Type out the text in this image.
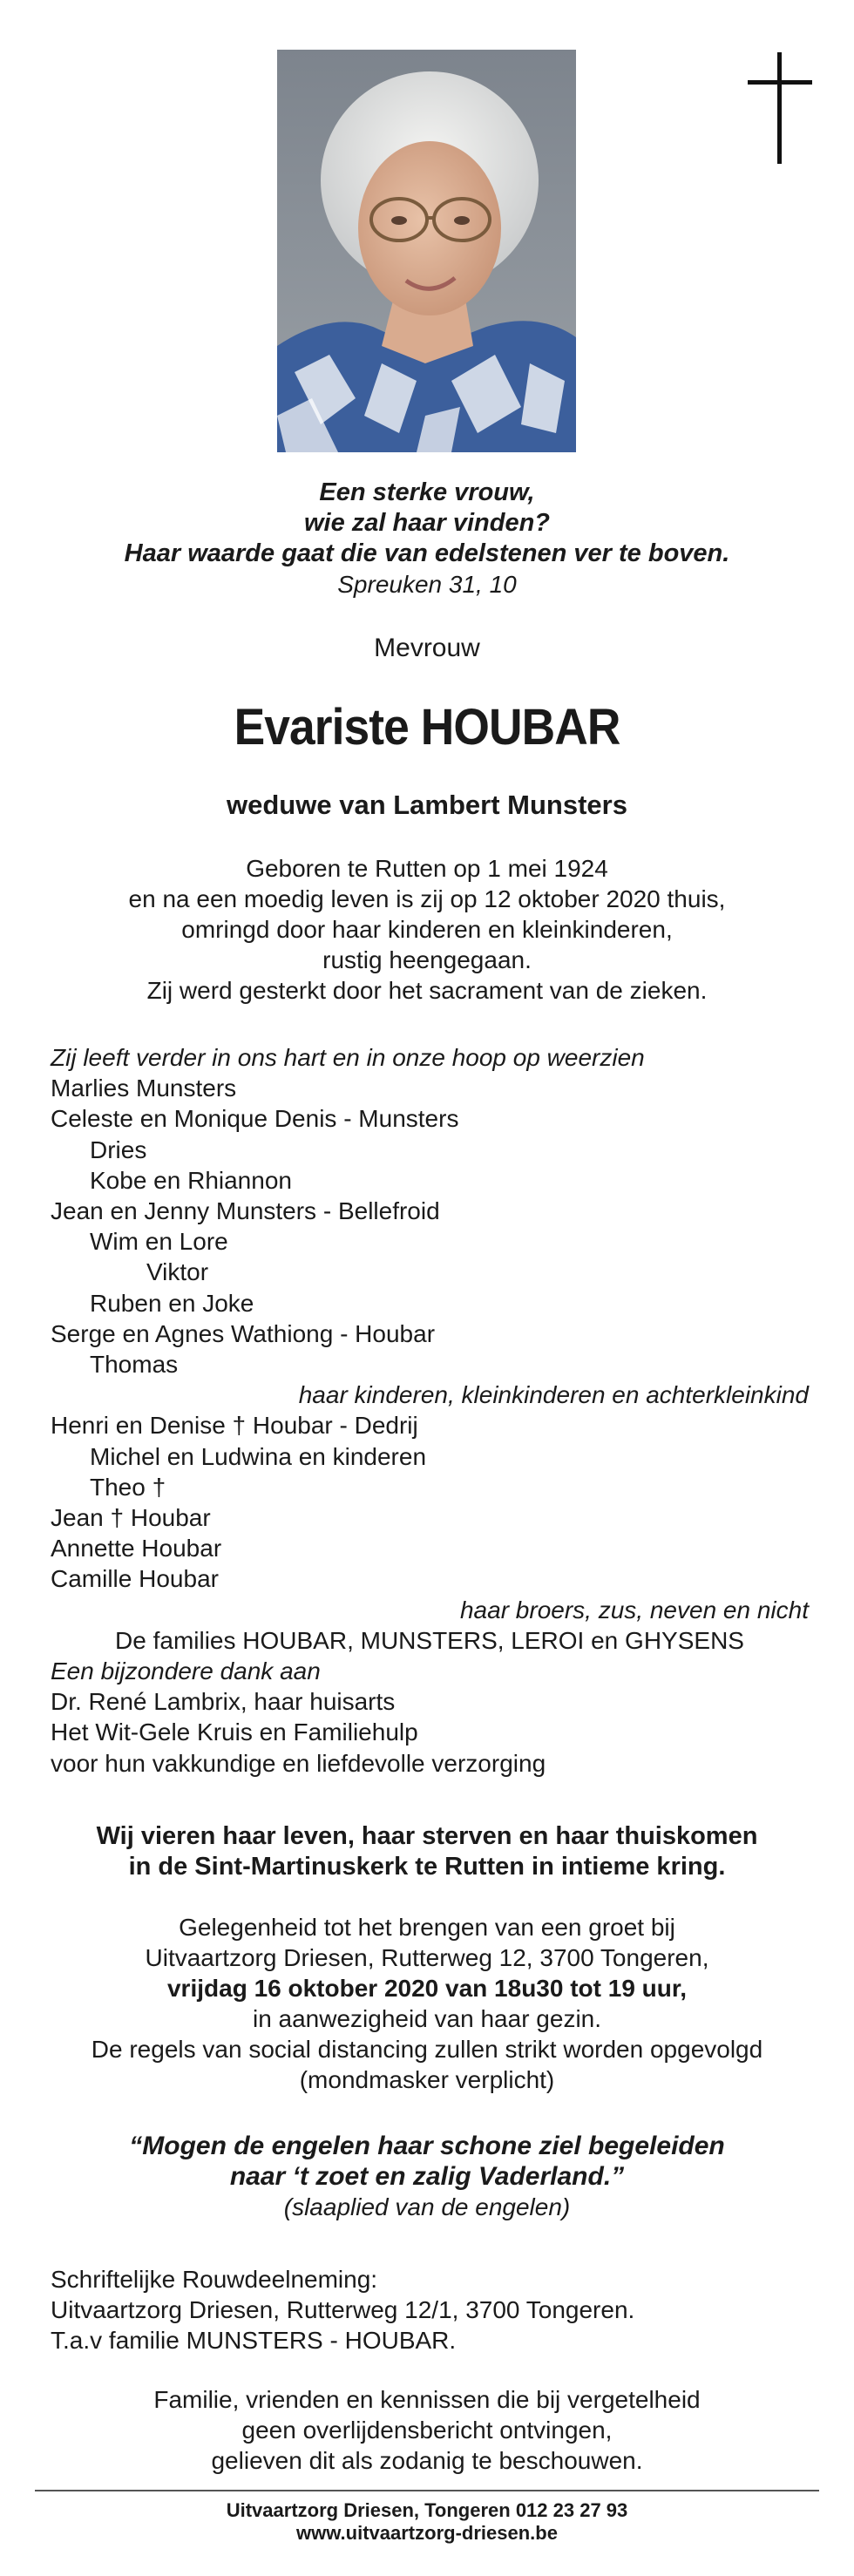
Een sterke vrouw,
wie zal haar vinden?
Haar waarde gaat die van edelstenen ver te boven.
Spreuken 31, 10
Mevrouw
Evariste HOUBAR
weduwe van Lambert Munsters
Geboren te Rutten op 1 mei 1924
en na een moedig leven is zij op 12 oktober 2020 thuis,
omringd door haar kinderen en kleinkinderen,
rustig heengegaan.
Zij werd gesterkt door het sacrament van de zieken.
Zij leeft verder in ons hart en in onze hoop op weerzien
Marlies Munsters
Celeste en Monique Denis - Munsters
Dries
Kobe en Rhiannon
Jean en Jenny Munsters - Bellefroid
Wim en Lore
Viktor
Ruben en Joke
Serge en Agnes Wathiong - Houbar
Thomas
haar kinderen, kleinkinderen en achterkleinkind
Henri en Denise † Houbar - Dedrij
Michel en Ludwina en kinderen
Theo †
Jean † Houbar
Annette Houbar
Camille Houbar
haar broers, zus, neven en nicht
De families HOUBAR, MUNSTERS, LEROI en GHYSENS
Een bijzondere dank aan
Dr. René Lambrix, haar huisarts
Het Wit-Gele Kruis en Familiehulp
voor hun vakkundige en liefdevolle verzorging
Wij vieren haar leven, haar sterven en haar thuiskomen
in de Sint-Martinuskerk te Rutten in intieme kring.
Gelegenheid tot het brengen van een groet bij
Uitvaartzorg Driesen, Rutterweg 12, 3700 Tongeren,
vrijdag 16 oktober 2020 van 18u30 tot 19 uur,
in aanwezigheid van haar gezin.
De regels van social distancing zullen strikt worden opgevolgd
(mondmasker verplicht)
“Mogen de engelen haar schone ziel begeleiden
naar ‘t zoet en zalig Vaderland.”
(slaaplied van de engelen)
Schriftelijke Rouwdeelneming:
Uitvaartzorg Driesen, Rutterweg 12/1, 3700 Tongeren.
T.a.v familie MUNSTERS - HOUBAR.
Familie, vrienden en kennissen die bij vergetelheid
geen overlijdensbericht ontvingen,
gelieven dit als zodanig te beschouwen.
Uitvaartzorg Driesen, Tongeren 012 23 27 93
www.uitvaartzorg-driesen.be
